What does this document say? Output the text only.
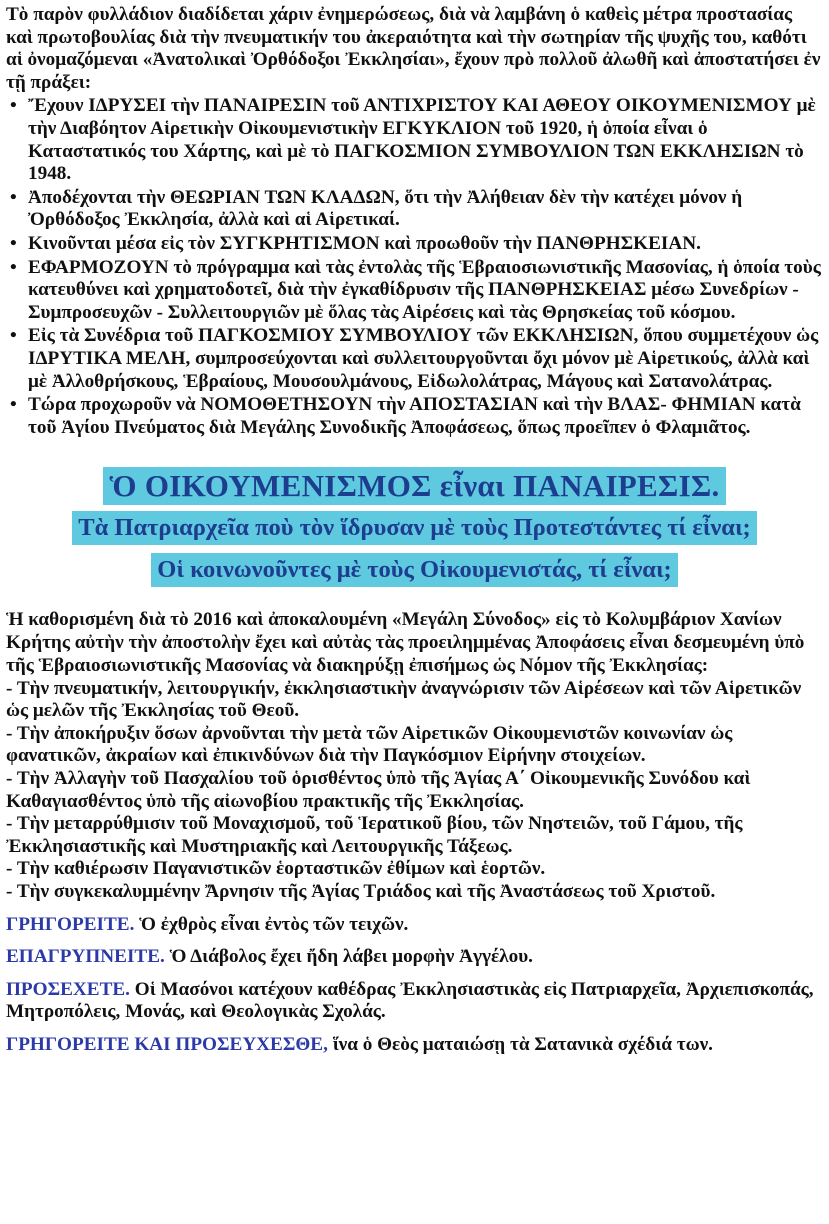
Τὸ παρὸν φυλλάδιον διαδίδεται χάριν ἐνημερώσεως, διὰ νὰ λαμβάνη ὁ καθεὶς μέτρα προστασίας καὶ πρωτοβουλίας διὰ τὴν πνευματικήν του ἀκεραιότητα καὶ τὴν σωτηρίαν τῆς ψυχῆς του, καθότι αἱ ὀνομαζόμεναι «Ἀνατολικαὶ Ὀρθόδοξοι Ἐκκλησίαι», ἔχουν πρὸ πολλοῦ ἀλωθῆ καὶ ἀποστατήσει ἐν τῇ πράξει:

• Ἔχουν ΙΔΡΥΣΕΙ τὴν ΠΑΝΑΙΡΕΣΙΝ τοῦ ΑΝΤΙΧΡΙΣΤΟΥ ΚΑΙ ΑΘΕΟΥ ΟΙΚΟΥΜΕΝΙΣΜΟΥ μὲ τὴν Διαβόητον Αἱρετικὴν Οἰκουμενιστικὴν ΕΓΚΥΚΛΙΟΝ τοῦ 1920, ἡ ὁποία εἶναι ὁ Καταστατικός του Χάρτης, καὶ μὲ τὸ ΠΑΓΚΟΣΜΙΟΝ ΣΥΜΒΟΥΛΙΟΝ ΤΩΝ ΕΚΚΛΗΣΙΩΝ τὸ 1948.
• Ἀποδέχονται τὴν ΘΕΩΡΙΑΝ ΤΩΝ ΚΛΑΔΩΝ, ὅτι τὴν Ἀλήθειαν δὲν τὴν κατέχει μόνον ἡ Ὀρθόδοξος Ἐκκλησία, ἀλλὰ καὶ αἱ Αἱρετικαί.
• Κινοῦνται μέσα εἰς τὸν ΣΥΓΚΡΗΤΙΣΜΟΝ καὶ προωθοῦν τὴν ΠΑΝΘΡΗΣΚΕΙΑΝ.
• ΕΦΑΡΜΟΖΟΥΝ τὸ πρόγραμμα καὶ τὰς ἐντολὰς τῆς Ἑβραιοσιωνιστικῆς Μασονίας, ἡ ὁποία τοὺς κατευθύνει καὶ χρηματοδοτεῖ, διὰ τὴν ἐγκαθίδρυσιν τῆς ΠΑΝΘΡΗΣΚΕΙΑΣ μέσω Συνεδρίων - Συμπροσευχῶν - Συλλειτουργιῶν μὲ ὅλας τὰς Αἱρέσεις καὶ τὰς Θρησκείας τοῦ κόσμου.
• Εἰς τὰ Συνέδρια τοῦ ΠΑΓΚΟΣΜΙΟΥ ΣΥΜΒΟΥΛΙΟΥ τῶν ΕΚΚΛΗΣΙΩΝ, ὅπου συμμετέχουν ὡς ΙΔΡΥΤΙΚΑ ΜΕΛΗ, συμπροσεύχονται καὶ συλλειτουργοῦνται ὄχι μόνον μὲ Αἱρετικούς, ἀλλὰ καὶ μὲ Ἀλλοθρήσκους, Ἑβραίους, Μουσουλμάνους, Εἰδωλολάτρας, Μάγους καὶ Σατανολάτρας.
• Τώρα προχωροῦν νὰ ΝΟΜΟΘΕΤΗΣΟΥΝ τὴν ΑΠΟΣΤΑΣΙΑΝ καὶ τὴν ΒΛΑΣ- ΦΗΜΙΑΝ κατὰ τοῦ Ἁγίου Πνεύματος διὰ Μεγάλης Συνοδικῆς Ἀποφάσεως, ὅπως προεῖπεν ὁ Φλαμιᾶτος.
Ὁ ΟΙΚΟΥΜΕΝΙΣΜΟΣ εἶναι ΠΑΝΑΙΡΕΣΙΣ.
Τὰ Πατριαρχεῖα ποὺ τὸν ἵδρυσαν μὲ τοὺς Προτεστάντες τί εἶναι;
Οἱ κοινωνοῦντες μὲ τοὺς Οἰκουμενιστάς, τί εἶναι;

Ἡ καθορισμένη διὰ τὸ 2016 καὶ ἀποκαλουμένη «Μεγάλη Σύνοδος» εἰς τὸ Κολυμβάριον Χανίων Κρήτης αὐτὴν τὴν ἀποστολὴν ἔχει καὶ αὐτὰς τὰς προειλημμένας Ἀποφάσεις εἶναι δεσμευμένη ὑπὸ τῆς Ἑβραιοσιωνιστικῆς Μασονίας νὰ διακηρύξῃ ἐπισήμως ὡς Νόμον τῆς Ἐκκλησίας:

- Τὴν πνευματικήν, λειτουργικήν, ἐκκλησιαστικὴν ἀναγνώρισιν τῶν Αἱρέσεων καὶ τῶν Αἱρετικῶν ὡς μελῶν τῆς Ἐκκλησίας τοῦ Θεοῦ.

- Τὴν ἀποκήρυξιν ὅσων ἀρνοῦνται τὴν μετὰ τῶν Αἱρετικῶν Οἰκουμενιστῶν κοινωνίαν ὡς φανατικῶν, ἀκραίων καὶ ἐπικινδύνων διὰ τὴν Παγκόσμιον Εἰρήνην στοιχείων.

- Τὴν Ἀλλαγὴν τοῦ Πασχαλίου τοῦ ὁρισθέντος ὑπὸ τῆς Ἁγίας Α΄ Οἰκουμενικῆς Συνόδου καὶ Καθαγιασθέντος ὑπὸ τῆς αἰωνοβίου πρακτικῆς τῆς Ἐκκλησίας.

- Τὴν μεταρρύθμισιν τοῦ Μοναχισμοῦ, τοῦ Ἱερατικοῦ βίου, τῶν Νηστειῶν, τοῦ Γάμου, τῆς Ἐκκλησιαστικῆς καὶ Μυστηριακῆς καὶ Λειτουργικῆς Τάξεως.

- Τὴν καθιέρωσιν Παγανιστικῶν ἑορταστικῶν ἐθίμων καὶ ἑορτῶν.

- Τὴν συγκεκαλυμμένην Ἄρνησιν τῆς Ἁγίας Τριάδος καὶ τῆς Ἀναστάσεως τοῦ Χριστοῦ.

ΓΡΗΓΟΡΕΙΤΕ. Ὁ ἐχθρὸς εἶναι ἐντὸς τῶν τειχῶν.

ΕΠΑΓΡΥΠΝΕΙΤΕ. Ὁ Διάβολος ἔχει ἤδη λάβει μορφὴν Ἀγγέλου.

ΠΡΟΣΕΧΕΤΕ. Οἱ Μασόνοι κατέχουν καθέδρας Ἐκκλησιαστικὰς εἰς Πατριαρχεῖα, Ἀρχιεπισκοπάς, Μητροπόλεις, Μονάς, καὶ Θεολογικὰς Σχολάς.

ΓΡΗΓΟΡΕΙΤΕ ΚΑΙ ΠΡΟΣΕΥΧΕΣΘΕ, ἵνα ὁ Θεὸς ματαιώσῃ τὰ Σατανικὰ σχέδιά των.
